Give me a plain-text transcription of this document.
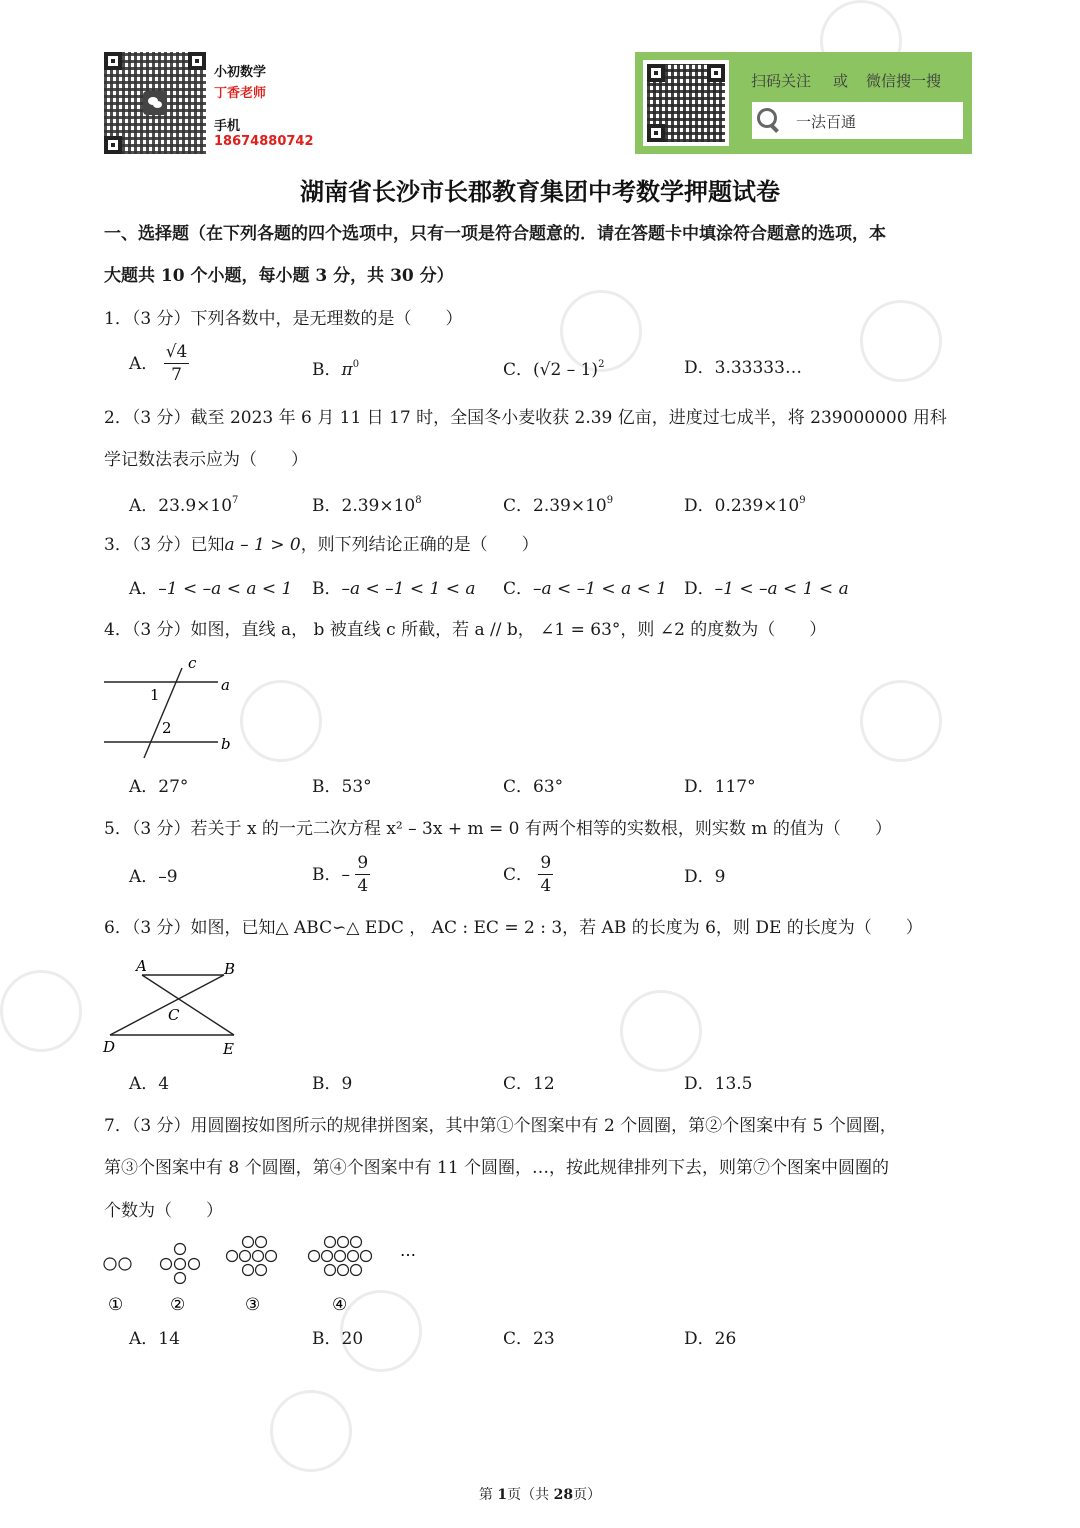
小初数学
丁香老师
手机
18674880742
扫码关注 或 微信搜一搜
一法百通
湖南省长沙市长郡教育集团中考数学押题试卷
一、选择题（在下列各题的四个选项中，只有一项是符合题意的．请在答题卡中填涂符合题意的选项，本
大题共 10 个小题，每小题 3 分，共 30 分）
1．（3 分）下列各数中，是无理数的是（　　）
A． $\frac{√4}{7}$	B．$\pi^0$	C．(√2 – 1)$^2$	D．3.33333…
2．（3 分）截至 2023 年 6 月 11 日 17 时，全国冬小麦收获 2.39 亿亩，进度过七成半，将 239000000 用科
学记数法表示应为（　　）
A．$23.9\times 10^7$	B．$2.39\times 10^8$	C．$2.39\times 10^9$	D．$0.239\times 10^9$
3．（3 分）已知a – 1 > 0，则下列结论正确的是（　　）
A．–1 < –a < a < 1 B．–a < –1 < 1 < a C．–a < –1 < a < 1 D．–1 < –a < 1 < a
4．（3 分）如图，直线 a， b 被直线 c 所截，若 a // b， ∠1 = 63°，则 ∠2 的度数为（　　）
c
a
b
1
2
A．27°	B．53°	C．63°	D．117°
5．（3 分）若关于 x 的一元二次方程 x² – 3x + m = 0 有两个相等的实数根，则实数 m 的值为（　　）
A．–9	B．– $\frac{9}{4}$	C． $\frac{9}{4}$	D．9
6．（3 分）如图，已知△ ABC∽△ EDC ， AC : EC = 2 : 3，若 AB 的长度为 6，则 DE 的长度为（　　）
A	B
C
D	E
A．4	B．9	C．12	D．13.5
7．（3 分）用圆圈按如图所示的规律拼图案，其中第①个图案中有 2 个圆圈，第②个图案中有 5 个圆圈，
第③个图案中有 8 个圆圈，第④个图案中有 11 个圆圈，…，按此规律排列下去，则第⑦个图案中圆圈的
个数为（　　）
…
①	②	③	④
A．14	B．20	C．23	D．26
第 1页（共 28页）
